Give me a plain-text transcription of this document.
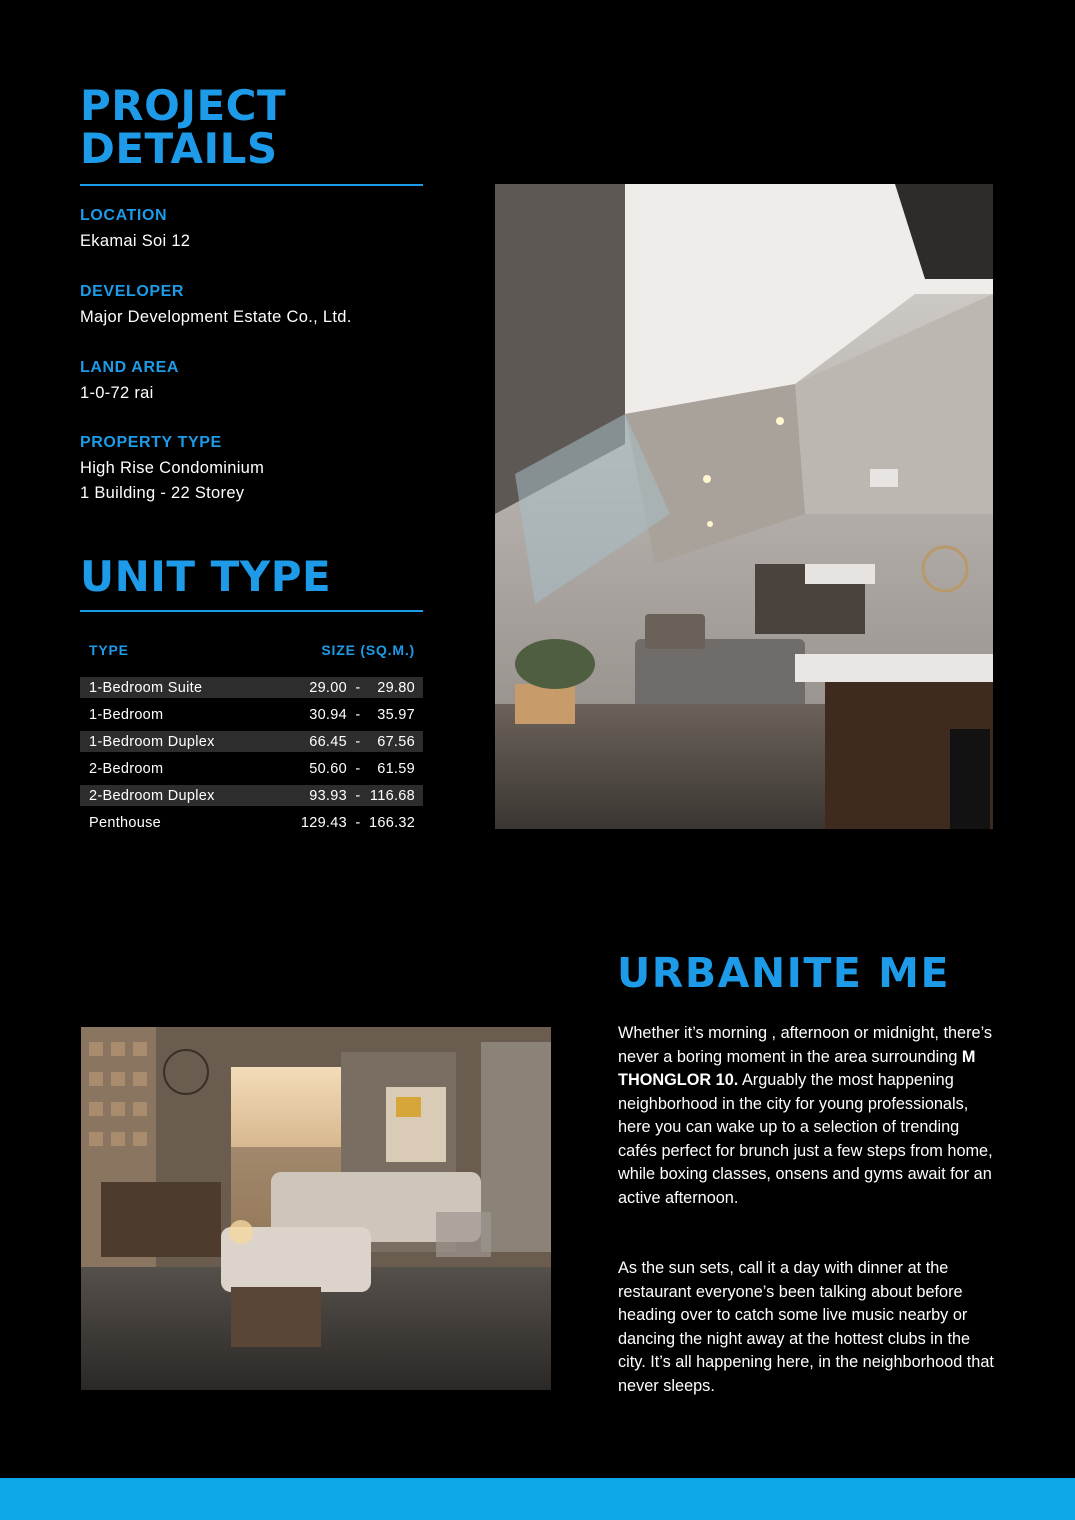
PROJECT
DETAILS
LOCATION
Ekamai Soi 12
DEVELOPER
Major Development Estate Co., Ltd.
LAND AREA
1-0-72 rai
PROPERTY TYPE
High Rise Condominium
1 Building - 22 Storey
UNIT TYPE
TYPE	SIZE (SQ.M.)
1-Bedroom Suite	29.00 -	29.80
1-Bedroom	30.94 -	35.97
1-Bedroom Duplex	66.45 -	67.56
2-Bedroom	50.60 -	61.59
2-Bedroom Duplex	93.93 - 116.68
Penthouse	129.43 - 166.32
URBANITE ME

Whether it’s morning , afternoon or midnight, there’s never a boring moment in the area surrounding M THONGLOR 10. Arguably the most happening neighborhood in the city for young professionals, here you can wake up to a selection of trending cafés perfect for brunch just a few steps from home, while boxing classes, onsens and gyms await for an active afternoon.

As the sun sets, call it a day with dinner at the restaurant everyone’s been talking about before heading over to catch some live music nearby or dancing the night away at the hottest clubs in the city. It’s all happening here, in the neighborhood that never sleeps.
